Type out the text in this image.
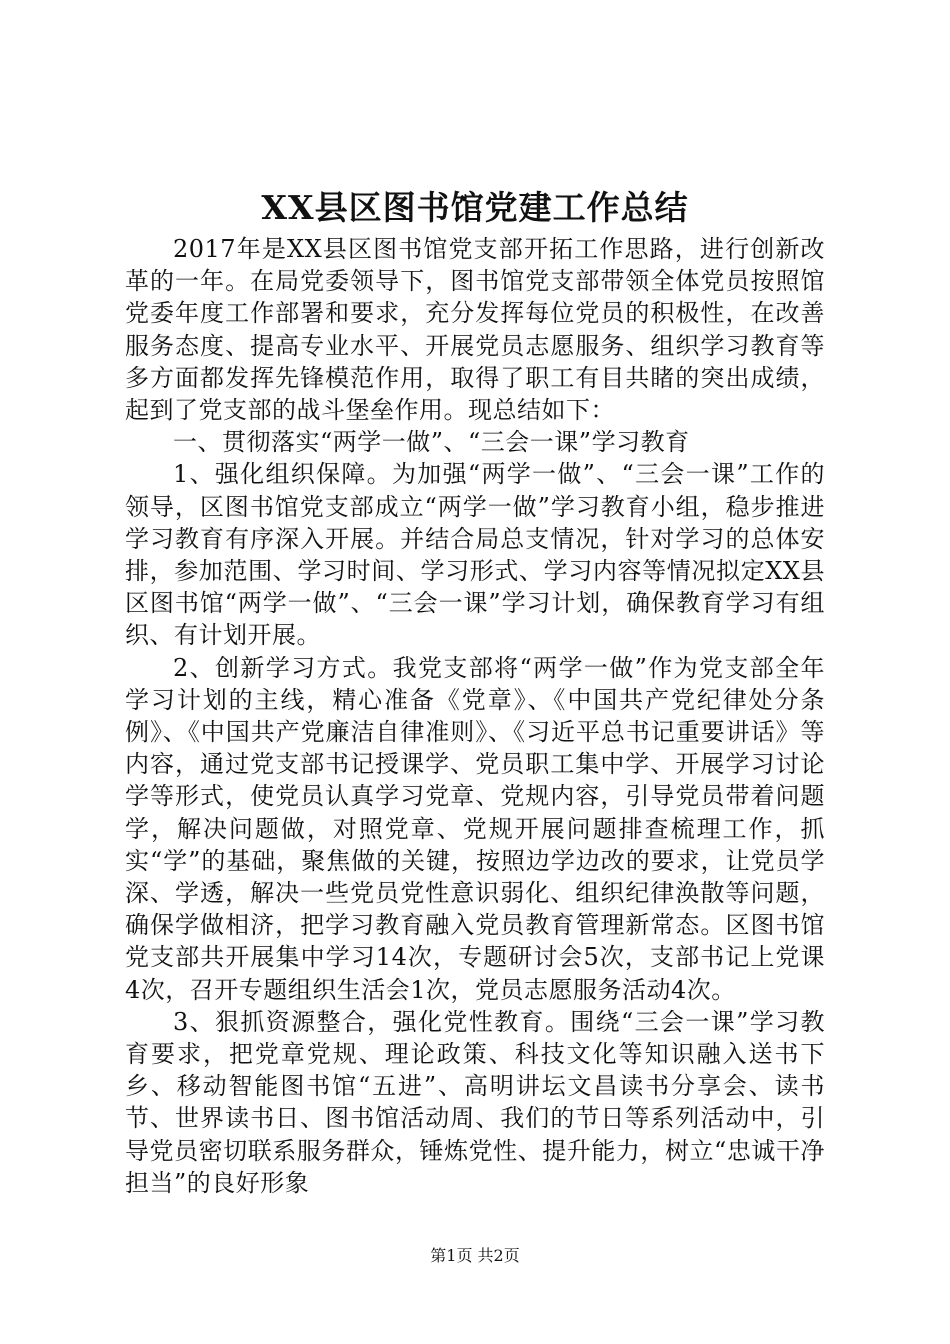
XX县区图书馆党建工作总结

2017年是XX县区图书馆党支部开拓工作思路，进行创新改革的一年。在局党委领导下，图书馆党支部带领全体党员按照馆党委年度工作部署和要求，充分发挥每位党员的积极性，在改善服务态度、提高专业水平、开展党员志愿服务、组织学习教育等多方面都发挥先锋模范作用，取得了职工有目共睹的突出成绩，起到了党支部的战斗堡垒作用。现总结如下：

一、贯彻落实“两学一做”、“三会一课”学习教育

1、强化组织保障。为加强“两学一做”、“三会一课”工作的领导，区图书馆党支部成立“两学一做”学习教育小组，稳步推进学习教育有序深入开展。并结合局总支情况，针对学习的总体安排，参加范围、学习时间、学习形式、学习内容等情况拟定XX县区图书馆“两学一做”、“三会一课”学习计划，确保教育学习有组织、有计划开展。

2、创新学习方式。我党支部将“两学一做”作为党支部全年学习计划的主线，精心准备《党章》、《中国共产党纪律处分条例》、《中国共产党廉洁自律准则》、《习近平总书记重要讲话》等内容，通过党支部书记授课学、党员职工集中学、开展学习讨论学等形式，使党员认真学习党章、党规内容，引导党员带着问题学，解决问题做，对照党章、党规开展问题排查梳理工作，抓实“学”的基础，聚焦做的关键，按照边学边改的要求，让党员学深、学透，解决一些党员党性意识弱化、组织纪律涣散等问题，确保学做相济，把学习教育融入党员教育管理新常态。区图书馆党支部共开展集中学习14次，专题研讨会5次，支部书记上党课4次，召开专题组织生活会1次，党员志愿服务活动4次。

3、狠抓资源整合，强化党性教育。围绕“三会一课”学习教育要求，把党章党规、理论政策、科技文化等知识融入送书下乡、移动智能图书馆“五进”、高明讲坛文昌读书分享会、读书节、世界读书日、图书馆活动周、我们的节日等系列活动中，引导党员密切联系服务群众，锤炼党性、提升能力，树立“忠诚干净担当”的良好形象

第1页 共2页
